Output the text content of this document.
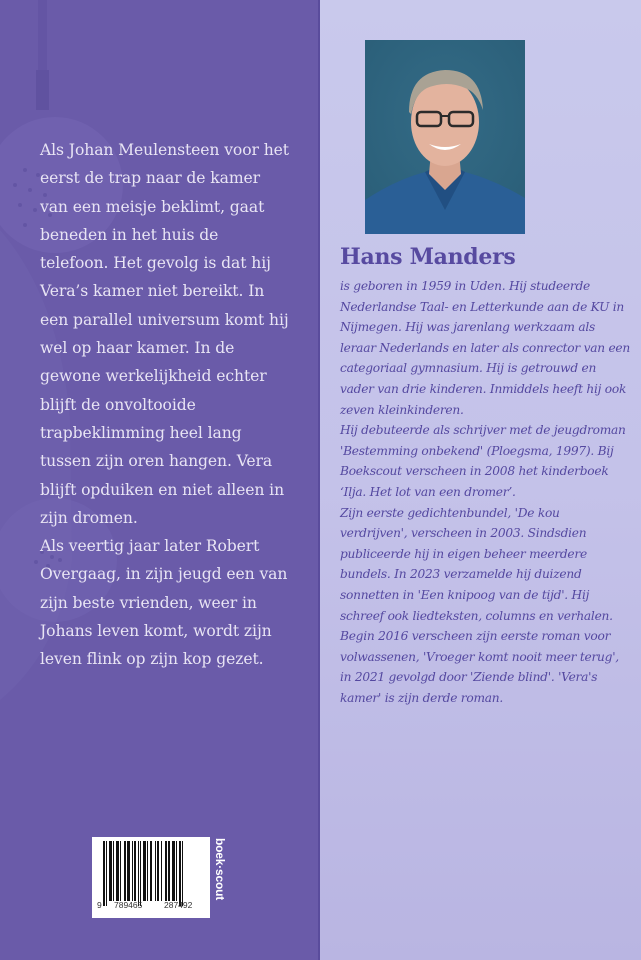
Als Johan Meulensteen voor het eerst de trap naar de kamer van een meisje beklimt, gaat beneden in het huis de telefoon. Het gevolg is dat hij Vera’s kamer niet bereikt. In een parallel universum komt hij wel op haar kamer. In de gewone werkelijkheid echter blijft de onvoltooide trapbeklimming heel lang tussen zijn oren hangen. Vera blijft opduiken en niet alleen in zijn dromen.

Als veertig jaar later Robert Overgaag, in zijn jeugd een van zijn beste vrienden, weer in Johans leven komt, wordt zijn leven flink op zijn kop gezet.

9 789465	287492
boek·scout
Hans Manders

is geboren in 1959 in Uden. Hij studeerde Nederlandse Taal- en Letterkunde aan de KU in Nijmegen. Hij was jarenlang werkzaam als leraar Nederlands en later als conrector van een categoriaal gymnasium. Hij is getrouwd en vader van drie kinderen. Inmiddels heeft hij ook zeven kleinkinderen.

Hij debuteerde als schrijver met de jeugdroman 'Bestemming onbekend' (Ploegsma, 1997). Bij Boekscout verscheen in 2008 het kinderboek ‘Ilja. Het lot van een dromer’.

Zijn eerste gedichtenbundel, 'De kou verdrijven', verscheen in 2003. Sindsdien publiceerde hij in eigen beheer meerdere bundels. In 2023 verzamelde hij duizend sonnetten in 'Een knipoog van de tijd'. Hij schreef ook liedteksten, columns en verhalen.

Begin 2016 verscheen zijn eerste roman voor volwassenen, 'Vroeger komt nooit meer terug', in 2021 gevolgd door 'Ziende blind'. 'Vera's kamer' is zijn derde roman.
